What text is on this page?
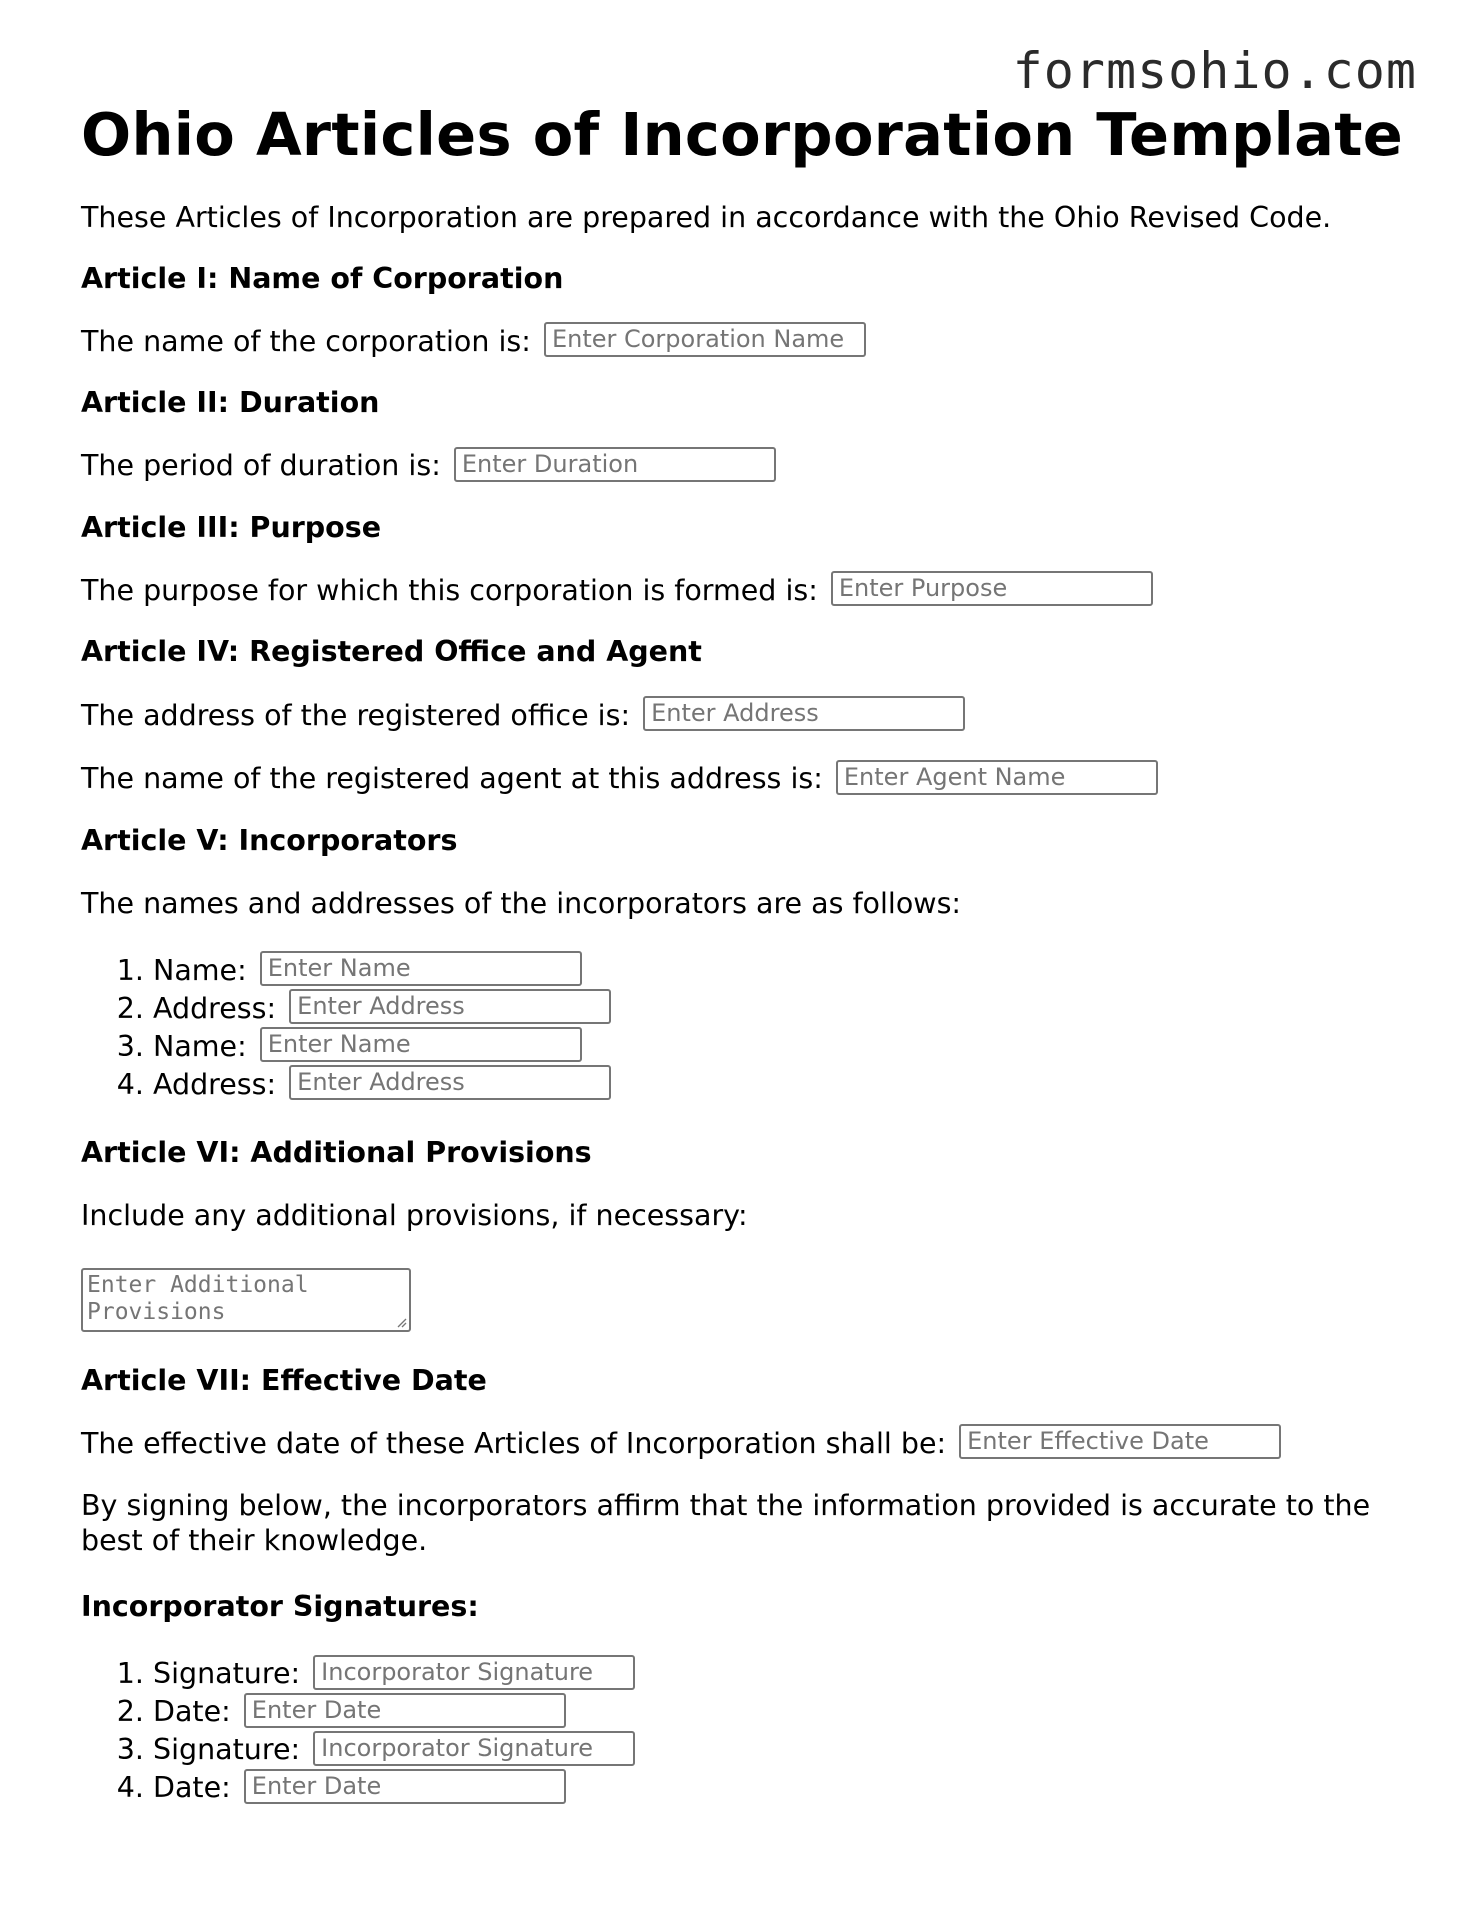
formsohio.com
Ohio Articles of Incorporation Template
These Articles of Incorporation are prepared in accordance with the Ohio Revised Code.
Article I: Name of Corporation

The name of the corporation is: Enter Corporation Name

Article II: Duration

The period of duration is: Enter Duration

Article III: Purpose

The purpose for which this corporation is formed is: Enter Purpose

Article IV: Registered Office and Agent

The address of the registered office is: Enter Address

The name of the registered agent at this address is: Enter Agent Name

Article V: Incorporators

The names and addresses of the incorporators are as follows:

1. Name: Enter Name
2. Address: Enter Address
3. Name: Enter Name
4. Address: Enter Address
Article VI: Additional Provisions

Include any additional provisions, if necessary:

Enter Additional Provisions
Article VII: Effective Date

The effective date of these Articles of Incorporation shall be: Enter Effective Date

By signing below, the incorporators affirm that the information provided is accurate to the best of their knowledge.

Incorporator Signatures:
1. Signature: Incorporator Signature
2. Date: Enter Date
3. Signature: Incorporator Signature
4. Date: Enter Date
